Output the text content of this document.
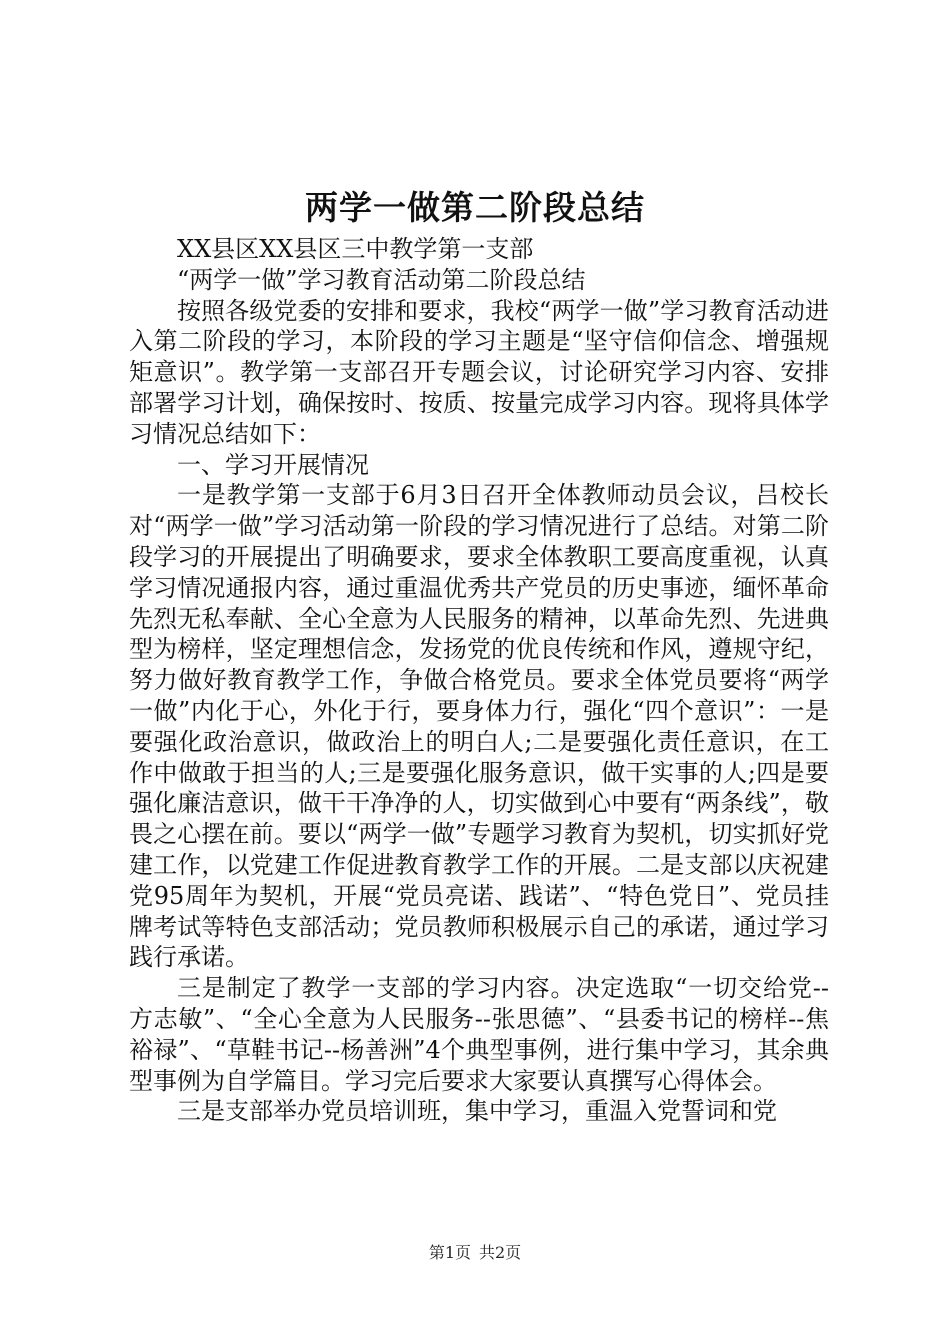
两学一做第二阶段总结

XX县区XX县区三中教学第一支部

“两学一做”学习教育活动第二阶段总结

按照各级党委的安排和要求，我校“两学一做”学习教育活动进入第二阶段的学习，本阶段的学习主题是“坚守信仰信念、增强规矩意识”。教学第一支部召开专题会议，讨论研究学习内容、安排部署学习计划，确保按时、按质、按量完成学习内容。现将具体学习情况总结如下：

一、学习开展情况

一是教学第一支部于6月3日召开全体教师动员会议，吕校长对“两学一做”学习活动第一阶段的学习情况进行了总结。对第二阶段学习的开展提出了明确要求，要求全体教职工要高度重视，认真学习情况通报内容，通过重温优秀共产党员的历史事迹，缅怀革命先烈无私奉献、全心全意为人民服务的精神，以革命先烈、先进典型为榜样，坚定理想信念，发扬党的优良传统和作风，遵规守纪，努力做好教育教学工作，争做合格党员。要求全体党员要将“两学一做”内化于心，外化于行，要身体力行，强化“四个意识”：一是要强化政治意识，做政治上的明白人;二是要强化责任意识，在工作中做敢于担当的人;三是要强化服务意识，做干实事的人;四是要强化廉洁意识，做干干净净的人，切实做到心中要有“两条线”，敬畏之心摆在前。要以“两学一做”专题学习教育为契机，切实抓好党建工作，以党建工作促进教育教学工作的开展。二是支部以庆祝建党95周年为契机，开展“党员亮诺、践诺”、“特色党日”、党员挂牌考试等特色支部活动；党员教师积极展示自己的承诺，通过学习践行承诺。

三是制定了教学一支部的学习内容。决定选取“一切交给党--方志敏”、“全心全意为人民服务--张思德”、“县委书记的榜样--焦裕禄”、“草鞋书记--杨善洲”4个典型事例，进行集中学习，其余典型事例为自学篇目。学习完后要求大家要认真撰写心得体会。

三是支部举办党员培训班，集中学习，重温入党誓词和党

第1页 共2页
